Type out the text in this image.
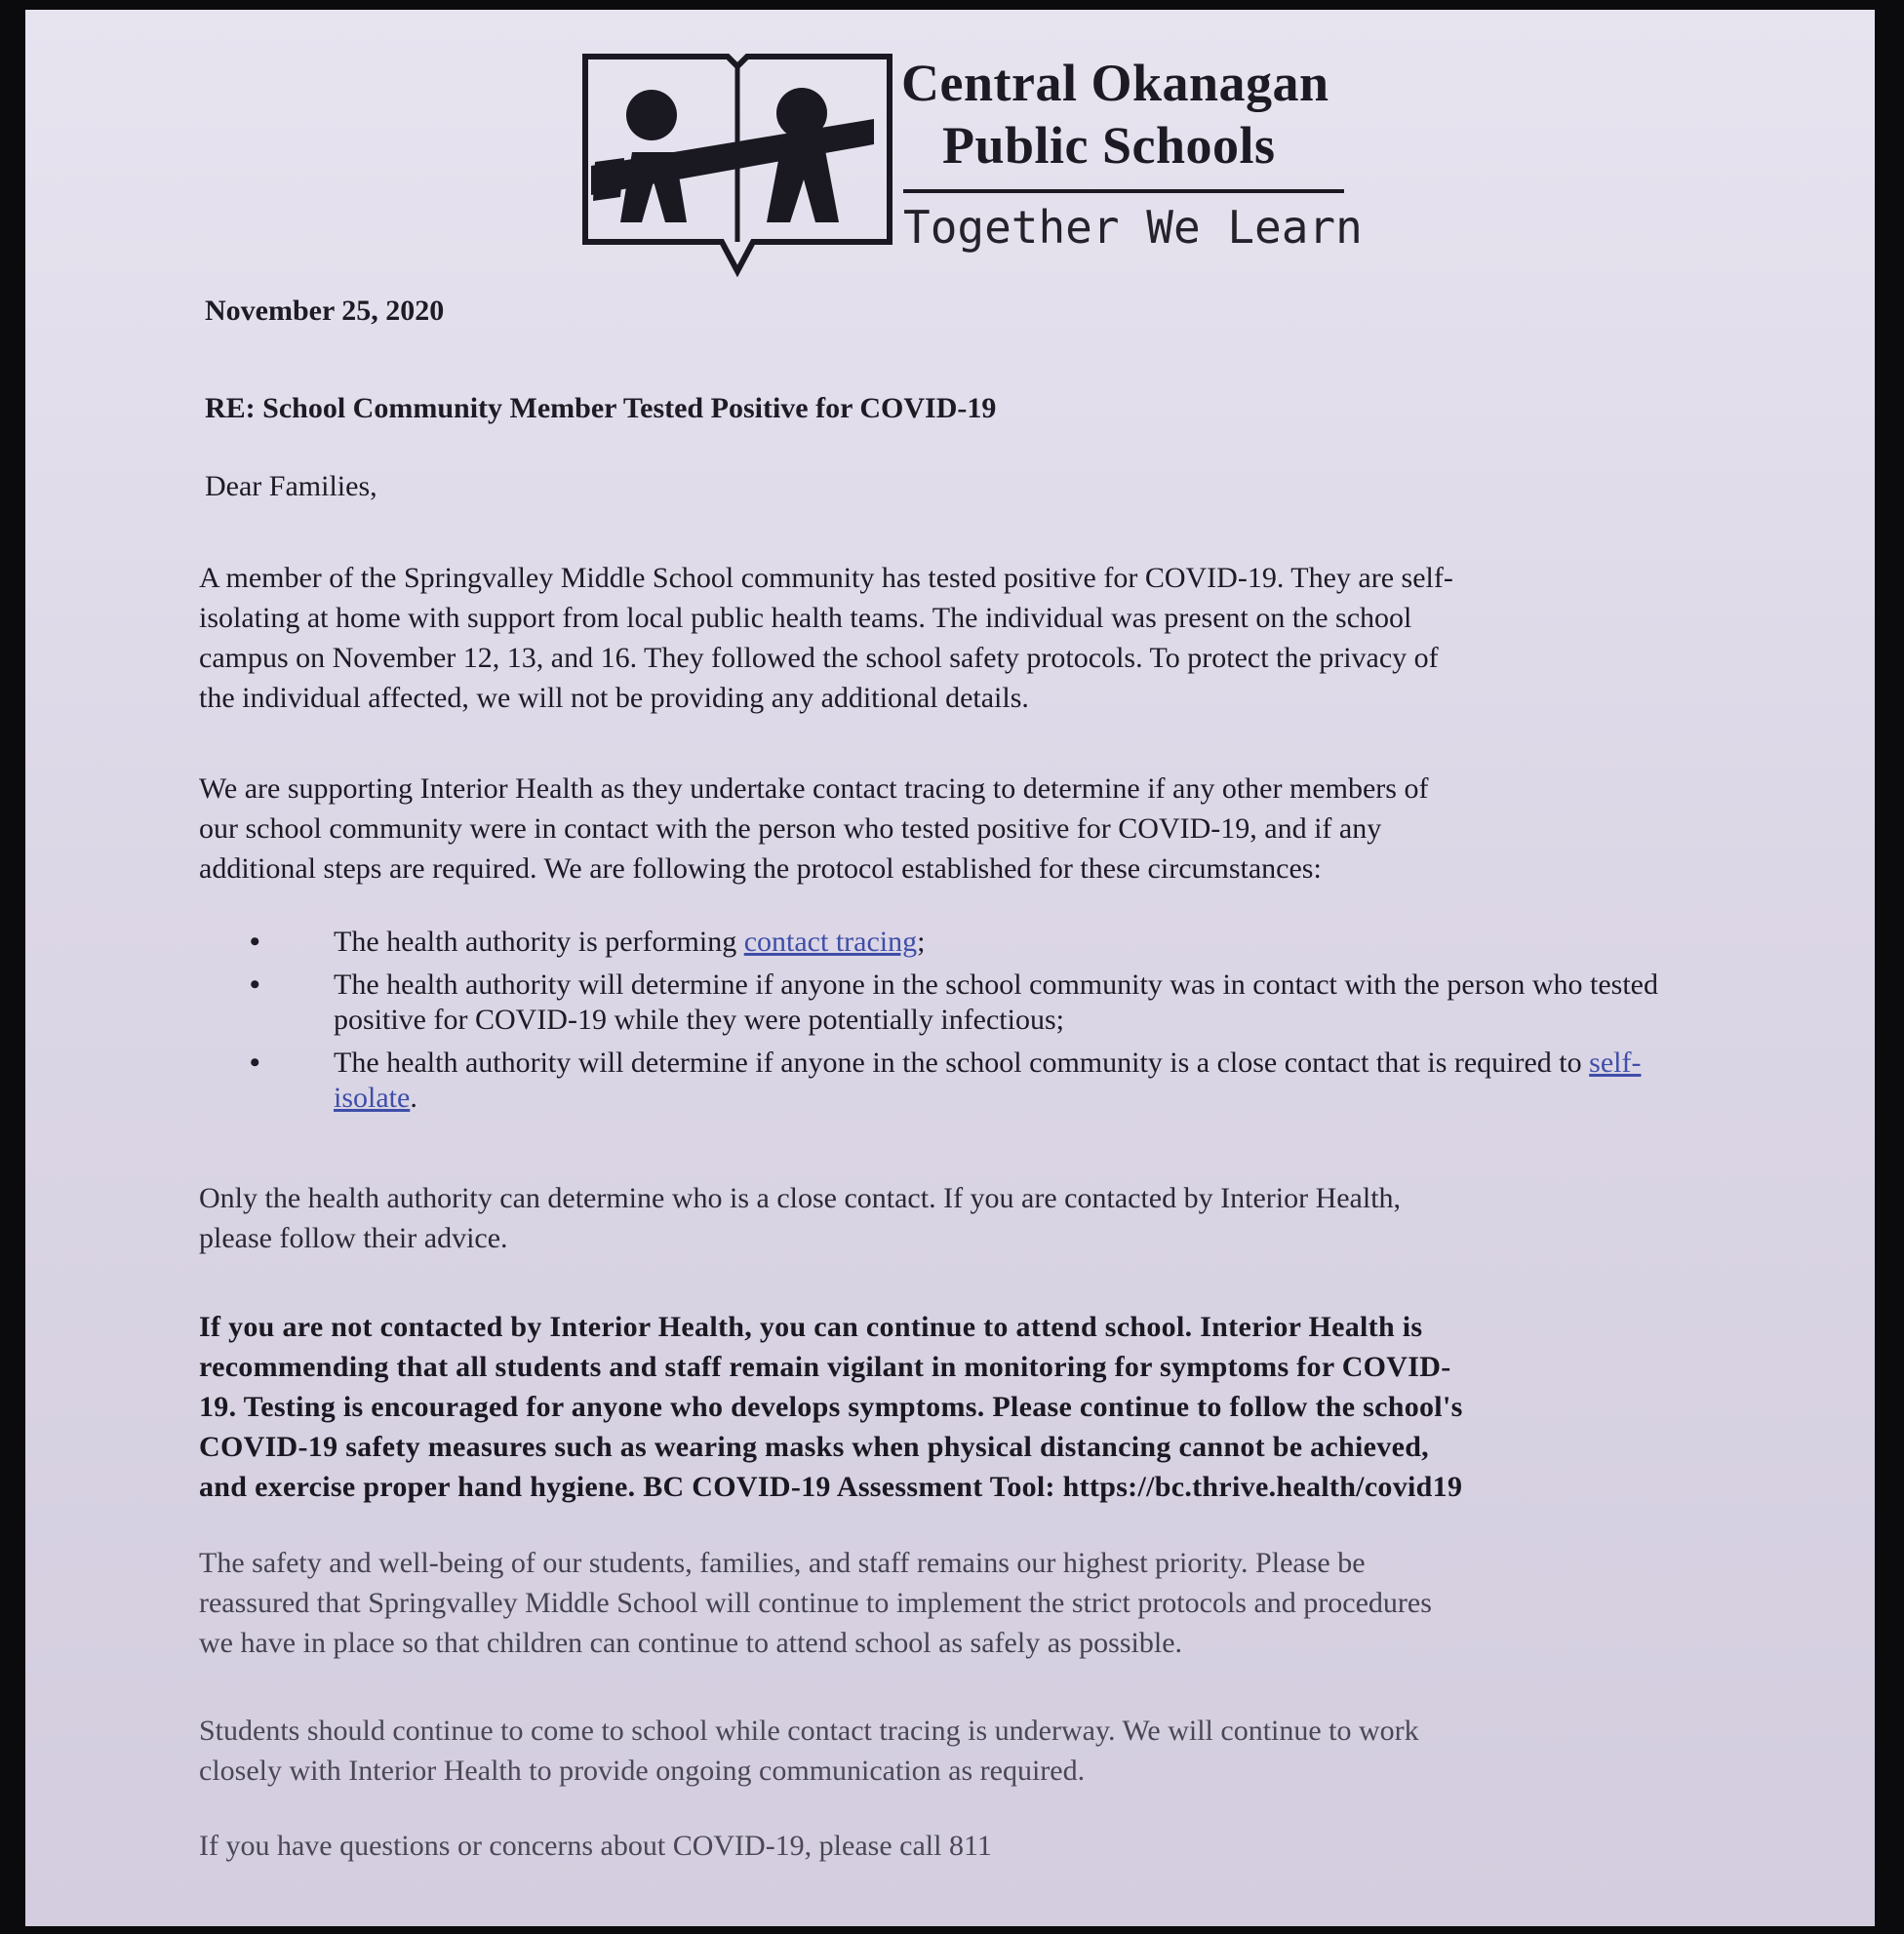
Central Okanagan
Public Schools
Together We Learn
November 25, 2020
RE: School Community Member Tested Positive for COVID-19
Dear Families,

A member of the Springvalley Middle School community has tested positive for COVID-19. They are self-

isolating at home with support from local public health teams. The individual was present on the school

campus on November 12, 13, and 16. They followed the school safety protocols. To protect the privacy of

the individual affected, we will not be providing any additional details.

We are supporting Interior Health as they undertake contact tracing to determine if any other members of

our school community were in contact with the person who tested positive for COVID-19, and if any

additional steps are required. We are following the protocol established for these circumstances:

•	The health authority is performing contact tracing;
•	The health authority will determine if anyone in the school community was in contact with the person who tested positive for COVID-19 while they were potentially infectious;
•	The health authority will determine if anyone in the school community is a close contact that is required to self-isolate.

Only the health authority can determine who is a close contact. If you are contacted by Interior Health,

please follow their advice.

If you are not contacted by Interior Health, you can continue to attend school. Interior Health is

recommending that all students and staff remain vigilant in monitoring for symptoms for COVID-

19. Testing is encouraged for anyone who develops symptoms. Please continue to follow the school's

COVID-19 safety measures such as wearing masks when physical distancing cannot be achieved,

and exercise proper hand hygiene. BC COVID-19 Assessment Tool: https://bc.thrive.health/covid19

The safety and well-being of our students, families, and staff remains our highest priority. Please be

reassured that Springvalley Middle School will continue to implement the strict protocols and procedures

we have in place so that children can continue to attend school as safely as possible.

Students should continue to come to school while contact tracing is underway. We will continue to work

closely with Interior Health to provide ongoing communication as required.

If you have questions or concerns about COVID-19, please call 811
